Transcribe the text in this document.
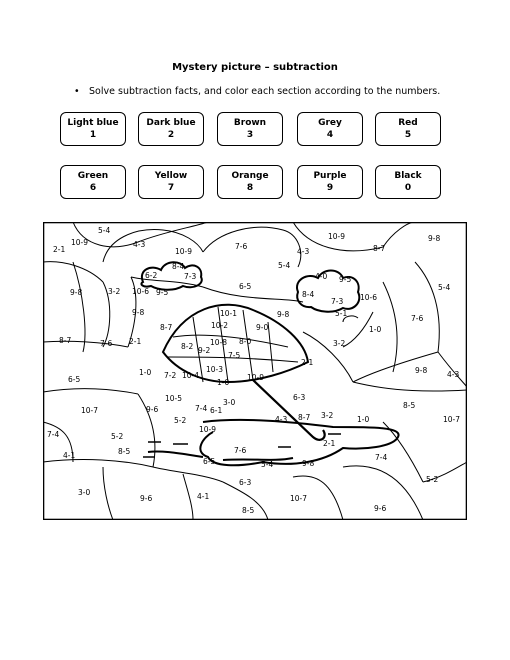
Mystery picture – subtraction
• Solve subtraction facts, and color each section according to the numbers.
Light blue
1
Dark blue
2
Brown
3
Grey
4
Red
5
Green
6
Yellow
7
Orange
8
Purple
9
Black
0
5-4
2-1
10-9	4-3
10-9
7-6
4-3
10-9
8-7
9-8
8-4
6-2	7-3
5-4
4-0 9-5
5-4
9-8	3-2 10-6 9-5
6-5
8-4
7-3 10-6
5-1
9-8	10-1
8-7	10-2	9-0
9-8
1-0
7-6
8-7	7-6 2-1
8-2 9-2
10-8 8-0
7-5
3-2
1-0 7-2 10-4
10-3
10-9
2-1
9-8	4-3
6-5	1-0
6-3
10-7	9-6
10-5
7-4 6-1
3-0
5-2	4-3 8-7 3-2	1-0
8-5
10-7
7-4	5-2
10-9
2-1
4-1	8-5
6-5
7-6
5-4	9-8
7-4
3-0
9-6	4-1
6-3	5-2
10-7
8-5	9-6
